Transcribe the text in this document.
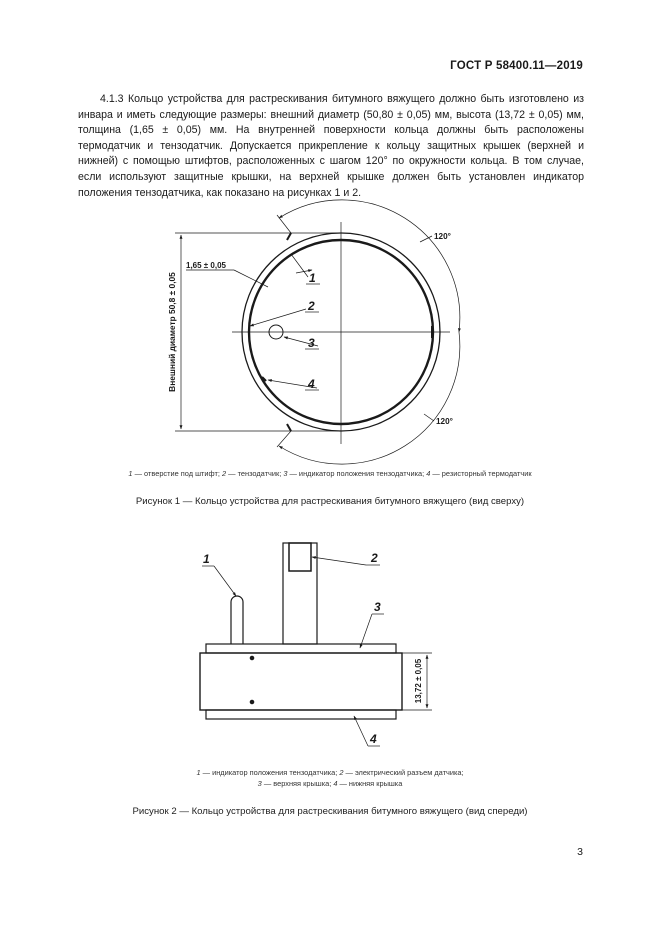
ГОСТ Р 58400.11—2019
4.1.3 Кольцо устройства для растрескивания битумного вяжущего должно быть изготовлено из инвара и иметь следующие размеры: внешний диаметр (50,80 ± 0,05) мм, высота (13,72 ± 0,05) мм, толщина (1,65 ± 0,05) мм. На внутренней поверхности кольца должны быть расположены термодатчик и тензодатчик. Допускается прикрепление к кольцу защитных крышек (верхней и нижней) с помощью штифтов, расположенных с шагом 120° по окружности кольца. В том случае, если используют защитные крышки, на верхней крышке должен быть установлен индикатор положения тензодатчика, как показано на рисунках 1 и 2.
1,65 ± 0,05
Внешний диаметр 50,8 ± 0,05
120°
120°
1
2
3
4
1 — отверстие под штифт; 2 — тензодатчик; 3 — индикатор положения тензодатчика; 4 — резисторный термодатчик
Рисунок 1 — Кольцо устройства для растрескивания битумного вяжущего (вид сверху)
13,72 ± 0,05
1	2
3
4
1 — индикатор положения тензодатчика; 2 — электрический разъем датчика;
3 — верхняя крышка; 4 — нижняя крышка
Рисунок 2 — Кольцо устройства для растрескивания битумного вяжущего (вид спереди)
3
